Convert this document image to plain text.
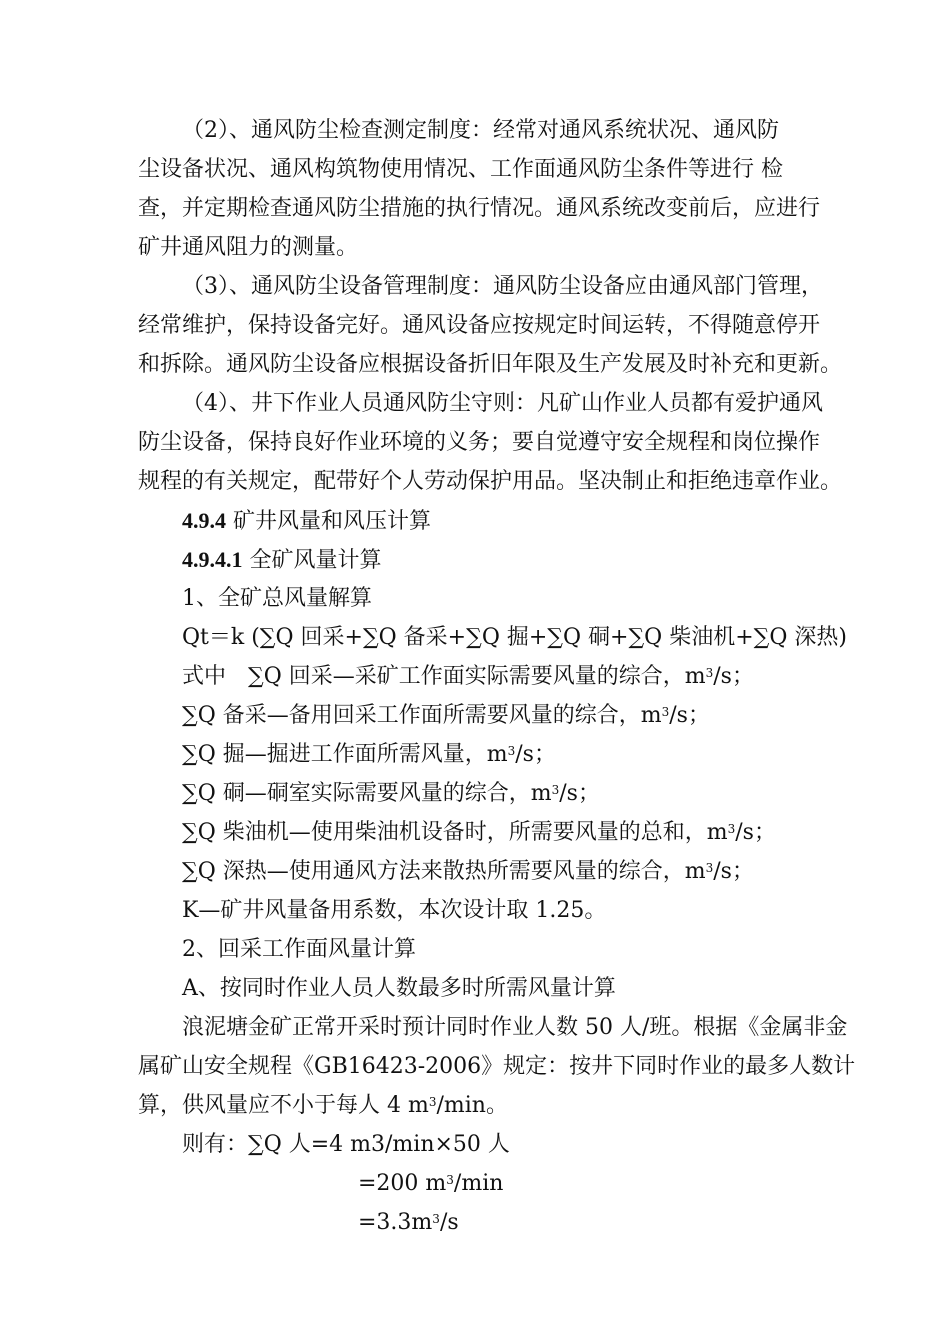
（2）、通风防尘检查测定制度：经常对通风系统状况、通风防
尘设备状况、通风构筑物使用情况、工作面通风防尘条件等进行 检
查，并定期检查通风防尘措施的执行情况。通风系统改变前后，应进行
矿井通风阻力的测量。
（3）、通风防尘设备管理制度：通风防尘设备应由通风部门管理，
经常维护，保持设备完好。通风设备应按规定时间运转，不得随意停开
和拆除。通风防尘设备应根据设备折旧年限及生产发展及时补充和更新。
（4）、井下作业人员通风防尘守则：凡矿山作业人员都有爱护通风
防尘设备，保持良好作业环境的义务；要自觉遵守安全规程和岗位操作
规程的有关规定，配带好个人劳动保护用品。坚决制止和拒绝违章作业。
4.9.4 矿井风量和风压计算
4.9.4.1 全矿风量计算
1、全矿总风量解算
Qt＝k (∑Q 回采+∑Q 备采+∑Q 掘+∑Q 硐+∑Q 柴油机+∑Q 深热)
式中　∑Q 回采—采矿工作面实际需要风量的综合，$m^3/s$；
∑Q 备采—备用回采工作面所需要风量的综合，$m^3/s$；
∑Q 掘—掘进工作面所需风量，$m^3/s$；
∑Q 硐—硐室实际需要风量的综合，$m^3/s$；
∑Q 柴油机—使用柴油机设备时，所需要风量的总和，$m^3/s$；
∑Q 深热—使用通风方法来散热所需要风量的综合，$m^3/s$；
K—矿井风量备用系数，本次设计取 1.25。
2、回采工作面风量计算
A、按同时作业人员人数最多时所需风量计算
浪泥塘金矿正常开采时预计同时作业人数 50 人/班。根据《金属非金
属矿山安全规程《GB16423-2006》规定：按井下同时作业的最多人数计
算，供风量应不小于每人 4 $m^3/\min$。
则有：∑Q 人=4 m3/min×50 人
=200 $m^3/\min$
$=3.3m^3/s$
